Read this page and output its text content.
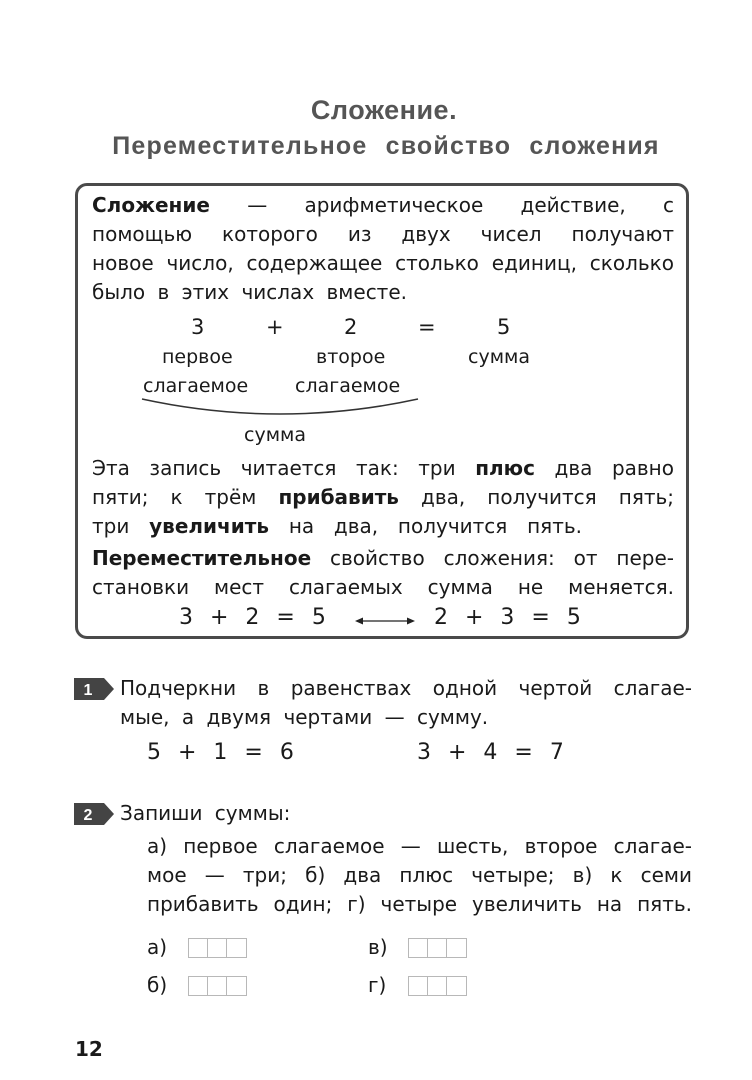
Сложение.
Переместительное свойство сложения
Сложение — арифметическое действие, с
помощью которого из двух чисел получают
новое число, содержащее столько единиц, сколько
было в этих числах вместе.
3	+	2	=	5
первое	второе	сумма
слагаемое слагаемое
сумма
Эта запись читается так: три плюс два равно
пяти; к трём прибавить два, получится пять;
три увеличить на два, получится пять.
Переместительное свойство сложения: от пере-
становки мест слагаемых сумма не меняется.
3 + 2 = 5	2 + 3 = 5
1 Подчеркни в равенствах одной чертой слагае-
мые, а двумя чертами — сумму.
5 + 1 = 6	3 + 4 = 7
2 Запиши суммы:
а) первое слагаемое — шесть, второе слагае-
мое — три; б) два плюс четыре; в) к семи
прибавить один; г) четыре увеличить на пять.
а)	в)
б)	г)
12
